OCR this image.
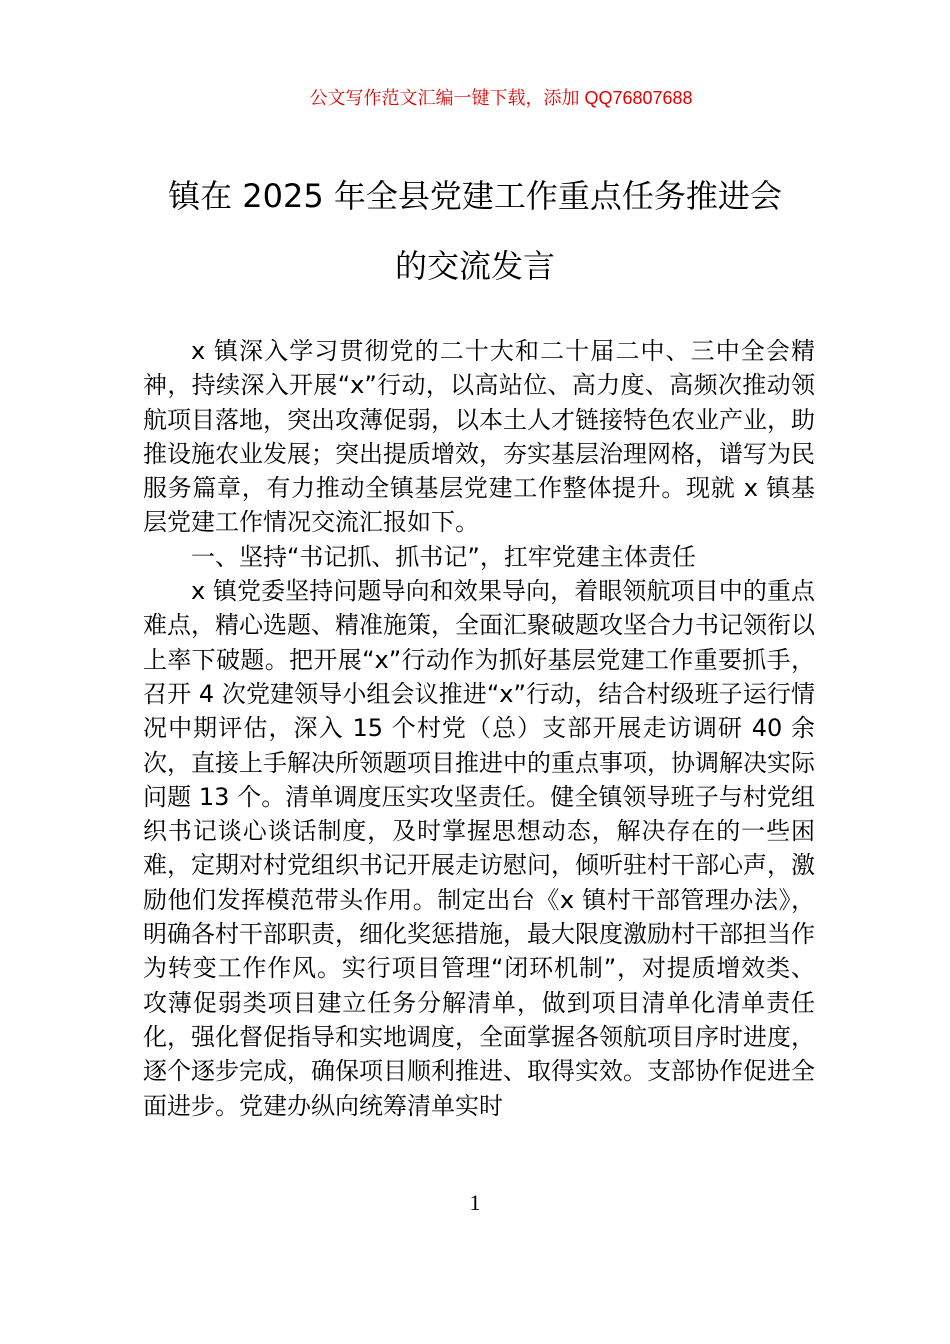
公文写作范文汇编一键下载，添加 QQ76807688
镇在 2025 年全县党建工作重点任务推进会
的交流发言

x 镇深入学习贯彻党的二十大和二十届二中、三中全会精神，持续深入开展“x”行动，以高站位、高力度、高频次推动领航项目落地，突出攻薄促弱，以本土人才链接特色农业产业，助推设施农业发展；突出提质增效，夯实基层治理网格，谱写为民服务篇章，有力推动全镇基层党建工作整体提升。现就 x 镇基层党建工作情况交流汇报如下。

一、坚持“书记抓、抓书记”，扛牢党建主体责任

x 镇党委坚持问题导向和效果导向，着眼领航项目中的重点难点，精心选题、精准施策，全面汇聚破题攻坚合力书记领衔以上率下破题。把开展“x”行动作为抓好基层党建工作重要抓手，召开 4 次党建领导小组会议推进“x”行动，结合村级班子运行情况中期评估，深入 15 个村党（总）支部开展走访调研 40 余次，直接上手解决所领题项目推进中的重点事项，协调解决实际问题 13 个。清单调度压实攻坚责任。健全镇领导班子与村党组织书记谈心谈话制度，及时掌握思想动态，解决存在的一些困难，定期对村党组织书记开展走访慰问，倾听驻村干部心声，激励他们发挥模范带头作用。制定出台《x 镇村干部管理办法》，明确各村干部职责，细化奖惩措施，最大限度激励村干部担当作为转变工作作风。实行项目管理“闭环机制”，对提质增效类、攻薄促弱类项目建立任务分解清单，做到项目清单化清单责任化，强化督促指导和实地调度，全面掌握各领航项目序时进度，逐个逐步完成，确保项目顺利推进、取得实效。支部协作促进全面进步。党建办纵向统筹清单实时

1
